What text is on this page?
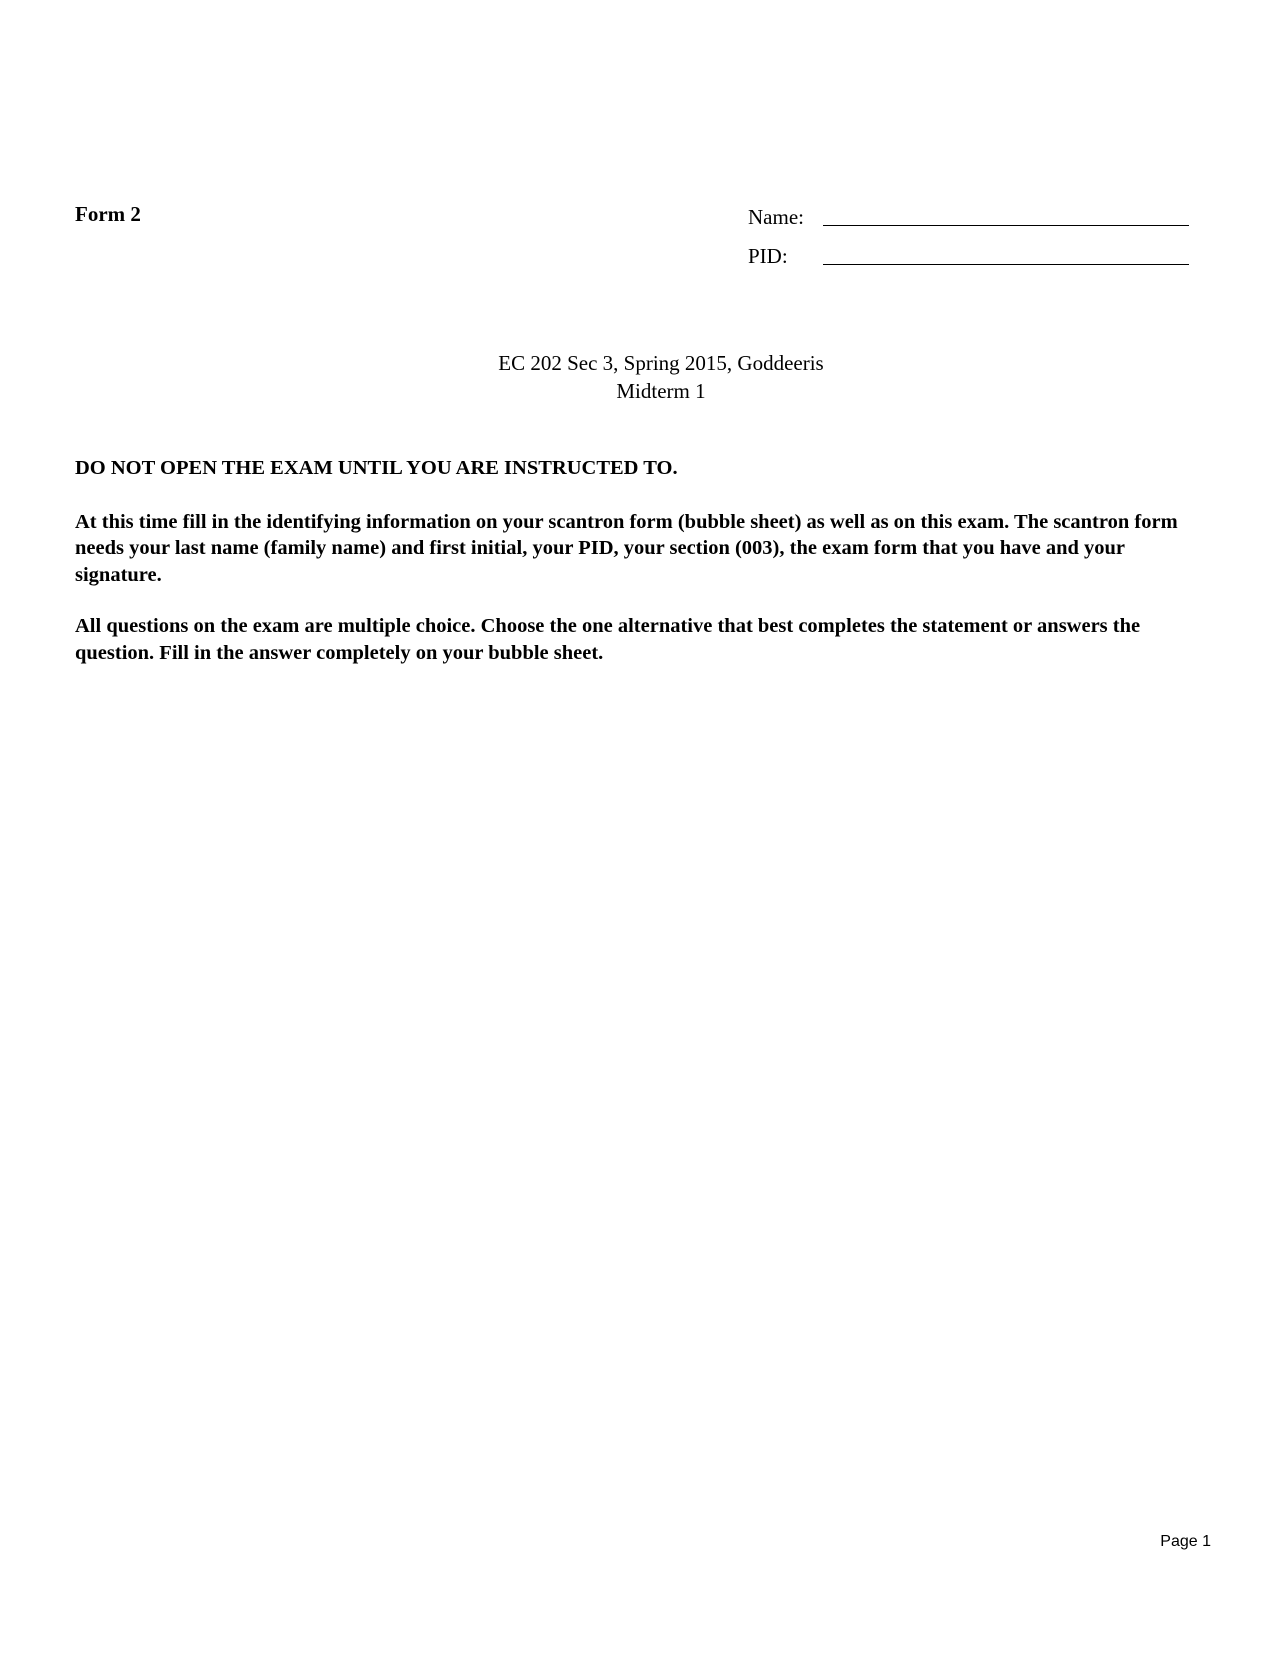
Form 2	Name:
PID:
EC 202 Sec 3, Spring 2015, Goddeeris
Midterm 1

DO NOT OPEN THE EXAM UNTIL YOU ARE INSTRUCTED TO.

At this time fill in the identifying information on your scantron form (bubble sheet) as well as on this exam. The scantron form needs your last name (family name) and first initial, your PID, your section (003), the exam form that you have and your signature.

All questions on the exam are multiple choice. Choose the one alternative that best completes the statement or answers the question. Fill in the answer completely on your bubble sheet.

Page 1
